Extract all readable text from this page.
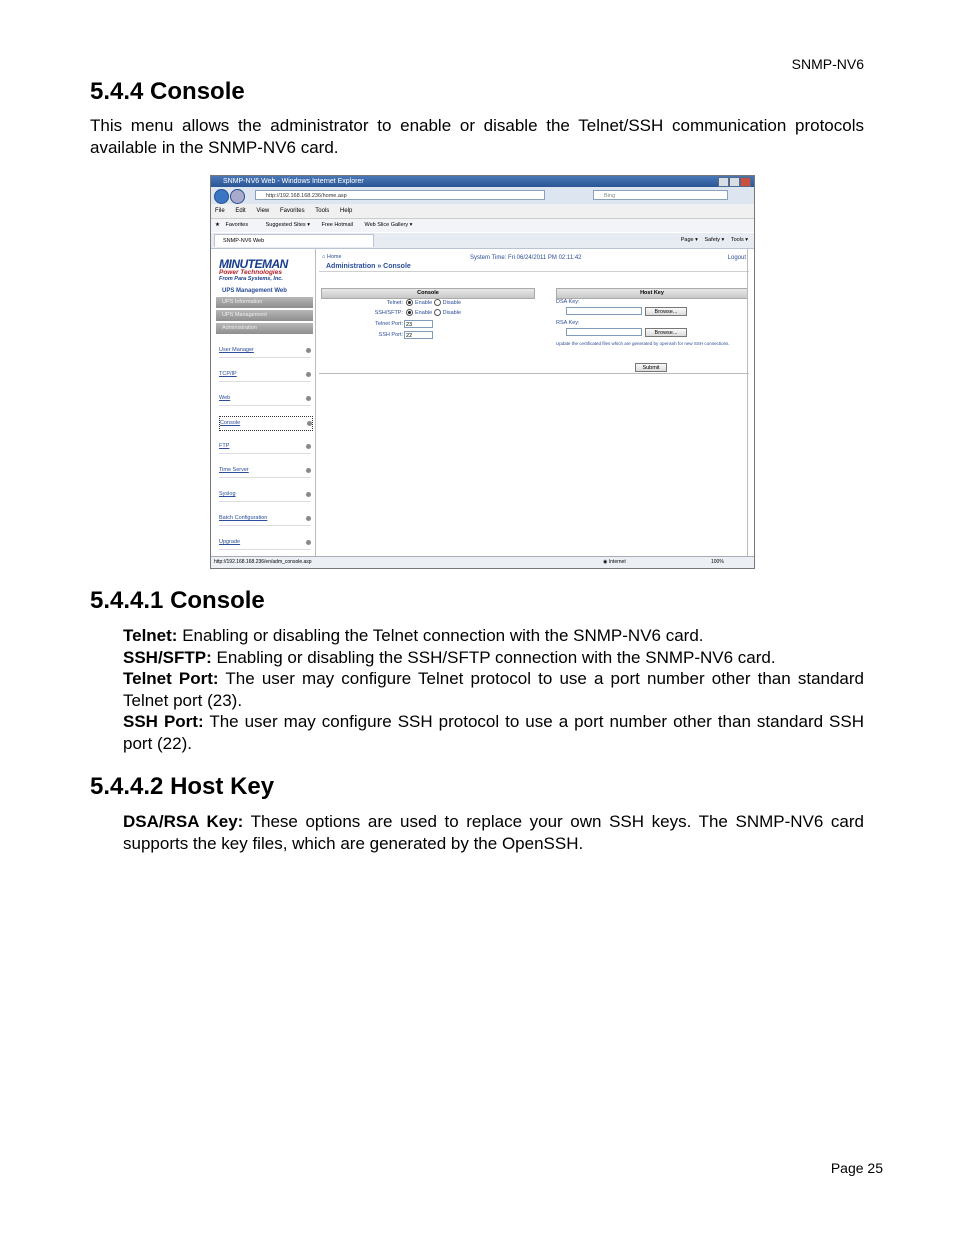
SNMP-NV6
5.4.4 Console
This menu allows the administrator to enable or disable the Telnet/SSH communication protocols available in the SNMP-NV6 card.
SNMP-NV6 Web - Windows Internet Explorer
http://192.168.168.236/home.asp	Bing
File Edit View Favorites Tools Help
★ Favorites	Suggested Sites ▾ Free Hotmail Web Slice Gallery ▾
SNMP-NV6 Web	Page ▾ Safety ▾ Tools ▾
MINUTEMAN
Power Technologies
From Para Systems, Inc.
UPS Management Web
UPS Information
UPS Management
Administration
User Manager
TCP/IP
Web
Console
FTP
Time Server
Syslog
Batch Configuration
Upgrade
⌂ Home
Administration » Console
System Time: Fri 06/24/2011 PM 02:11:42	Logout
Console	Host Key
Telnet:	Enable Disable
SSH/SFTP:	Enable Disable
Telnet Port: 23
SSH Port: 22
DSA Key:
Browse...
RSA Key:
Browse...
Update the certificated files which are generated by openssh for new SSH connections.
Submit
http://192.168.168.236/en/adm_console.asp	◉ Internet	100%
5.4.4.1 Console

Telnet: Enabling or disabling the Telnet connection with the SNMP-NV6 card.

SSH/SFTP: Enabling or disabling the SSH/SFTP connection with the SNMP-NV6 card.

Telnet Port: The user may configure Telnet protocol to use a port number other than standard Telnet port (23).

SSH Port: The user may configure SSH protocol to use a port number other than standard SSH port (22).

5.4.4.2 Host Key

DSA/RSA Key: These options are used to replace your own SSH keys. The SNMP-NV6 card supports the key files, which are generated by the OpenSSH.

Page 25
